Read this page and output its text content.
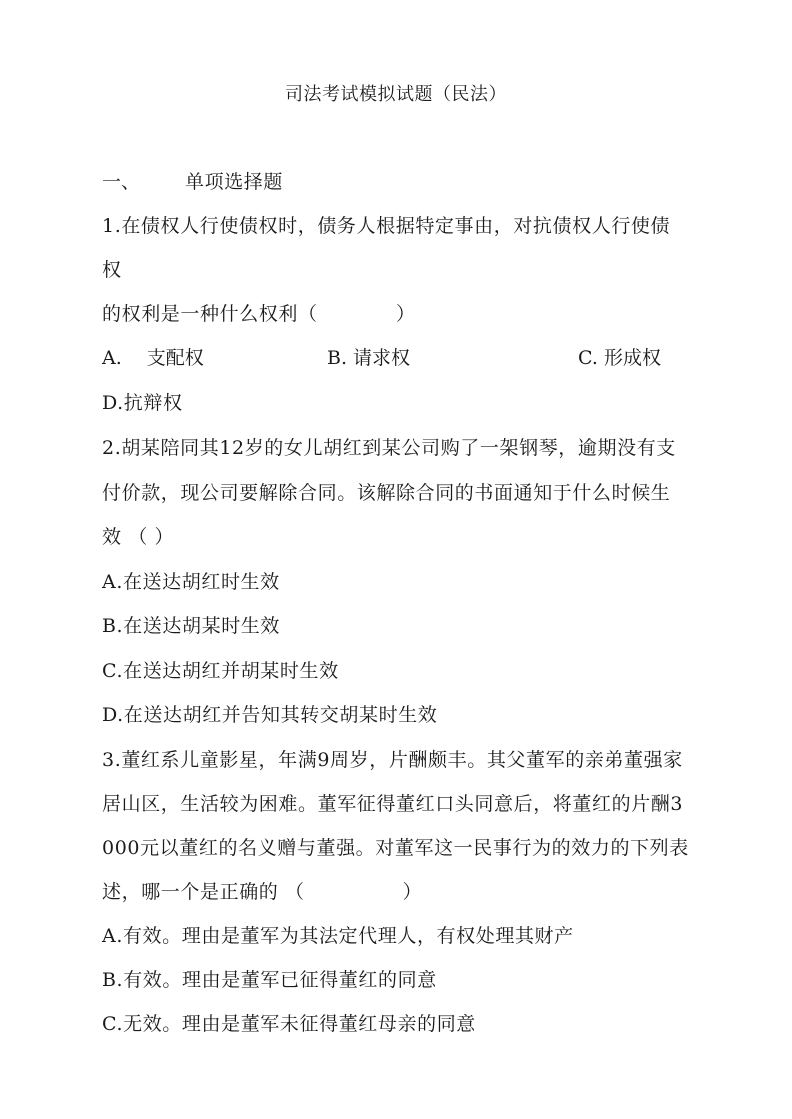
司法考试模拟试题（民法）
一、 单项选择题
1.在债权人行使债权时，债务人根据特定事由，对抗债权人行使债
权
的权利是一种什么权利（　　　　）
A.　 支配权	B. 请求权	C. 形成权
D.抗辩权
2.胡某陪同其12岁的女儿胡红到某公司购了一架钢琴，逾期没有支
付价款，现公司要解除合同。该解除合同的书面通知于什么时候生
效 （ ）
A.在送达胡红时生效
B.在送达胡某时生效
C.在送达胡红并胡某时生效
D.在送达胡红并告知其转交胡某时生效
3.董红系儿童影星，年满9周岁，片酬颇丰。其父董军的亲弟董强家
居山区，生活较为困难。董军征得董红口头同意后，将董红的片酬3
000元以董红的名义赠与董强。对董军这一民事行为的效力的下列表
述，哪一个是正确的 （　　　　　）
A.有效。理由是董军为其法定代理人，有权处理其财产
B.有效。理由是董军已征得董红的同意
C.无效。理由是董军未征得董红母亲的同意
